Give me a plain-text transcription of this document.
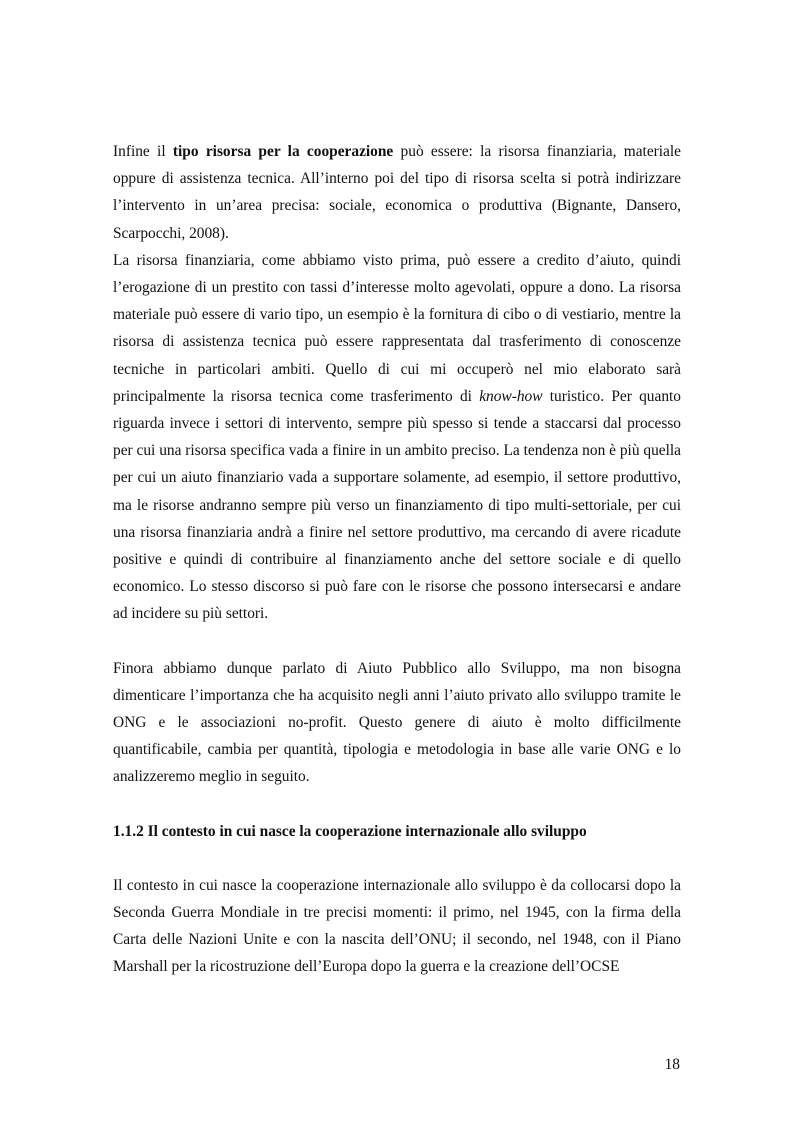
Infine il tipo risorsa per la cooperazione può essere: la risorsa finanziaria, materiale oppure di assistenza tecnica. All’interno poi del tipo di risorsa scelta si potrà indirizzare l’intervento in un’area precisa: sociale, economica o produttiva (Bignante, Dansero, Scarpocchi, 2008).

La risorsa finanziaria, come abbiamo visto prima, può essere a credito d’aiuto, quindi l’erogazione di un prestito con tassi d’interesse molto agevolati, oppure a dono. La risorsa materiale può essere di vario tipo, un esempio è la fornitura di cibo o di vestiario, mentre la risorsa di assistenza tecnica può essere rappresentata dal trasferimento di conoscenze tecniche in particolari ambiti. Quello di cui mi occuperò nel mio elaborato sarà principalmente la risorsa tecnica come trasferimento di know-how turistico. Per quanto riguarda invece i settori di intervento, sempre più spesso si tende a staccarsi dal processo per cui una risorsa specifica vada a finire in un ambito preciso. La tendenza non è più quella per cui un aiuto finanziario vada a supportare solamente, ad esempio, il settore produttivo, ma le risorse andranno sempre più verso un finanziamento di tipo multi-settoriale, per cui una risorsa finanziaria andrà a finire nel settore produttivo, ma cercando di avere ricadute positive e quindi di contribuire al finanziamento anche del settore sociale e di quello economico. Lo stesso discorso si può fare con le risorse che possono intersecarsi e andare ad incidere su più settori.

Finora abbiamo dunque parlato di Aiuto Pubblico allo Sviluppo, ma non bisogna dimenticare l’importanza che ha acquisito negli anni l’aiuto privato allo sviluppo tramite le ONG e le associazioni no-profit. Questo genere di aiuto è molto difficilmente quantificabile, cambia per quantità, tipologia e metodologia in base alle varie ONG e lo analizzeremo meglio in seguito.

1.1.2 Il contesto in cui nasce la cooperazione internazionale allo sviluppo

Il contesto in cui nasce la cooperazione internazionale allo sviluppo è da collocarsi dopo la Seconda Guerra Mondiale in tre precisi momenti: il primo, nel 1945, con la firma della Carta delle Nazioni Unite e con la nascita dell’ONU; il secondo, nel 1948, con il Piano Marshall per la ricostruzione dell’Europa dopo la guerra e la creazione dell’OCSE

18
